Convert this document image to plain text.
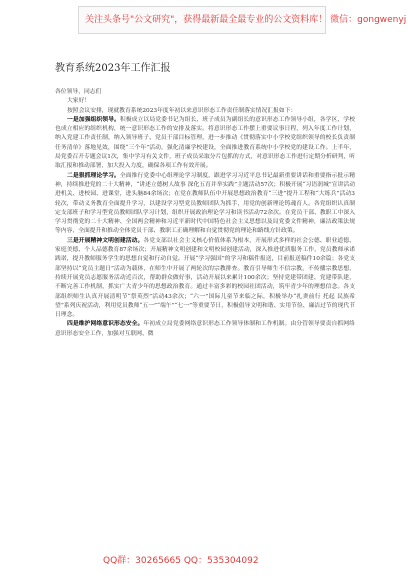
关注头条号"公文研究"，获得最新最全最专业的公文资料库！ 微信：gongwenyj
教育系统2023年工作汇报

各位领导，同志们

大家好！

按照会议安排，现就教育系统2023年度年初以来意识形态工作责任制落实情况汇报如下：

一是加强组织领导。积极成立以局党委书记为组长、班子成员为副组长的意识形态工作领导小组，各学区、学校也成立相应的组织机构，统一意识形态工作的安排及落实。将意识形态工作摆上重要议事日程，列入年度工作计划，纳入党建工作责任制，纳入领导班子、党员干部目标管理，进一步推动《贯彻落实中小学校党组织领导的校长负责制任务清单》落地见效，围绕“三个年”活动，强化清廉学校建设，全面推进教育系统中小学校党的建设工作。上半年，局党委召开专题会议1次，集中学习有关文件，班子成员采取分片包抓的方式，对意识形态工作进行定期分析研判，听取汇报和推动部署，加大投入力度，确保各项工作有效开展。

二是狠抓理论学习。全面推行党委中心组理论学习制度，跟进学习习近平总书记最新重要讲话和重要指示批示精神，持续推进党的二十大精神，“讲述立德树人故事 深化五育并举实践”主题活动57次；积极开展“习语润城”宣讲活动进机关、进校园、进课堂，进头脑84余场次；在党在教师队伍中开展思想政治教育“三进”提升工程和“大练兵”活动3轮次，带动义务教育全面提升学习，以建设学习型党员教师团队为抓手，用党的创新理论铸魂育人。各党组织认真制定支部班子和学习型党员教师团队学习计划，组织开展政治理论学习和读书活动72余次。在党员干部、教职工中深入学习贯彻党的二十大精神、全国两会精神和习近平新时代中国特色社会主义思想以及局党委文件精神，廉洁政策法规等内容，全面提升和推动全体党员干部、教职工正确理解和自觉贯彻党的理论和路线方针政策。

三是开展精神文明创建活动。各党支部以社会主义核心价值体系为根本，开展形式多样的社会公德、职业道德、家庭美德、个人品德教育87余场次；开展精神文明创建和文明校园创建活动，深入推进优质服务工作，党员教师承诺践诺，提升教师服务学生的思想自觉和行动自觉。开展“学习强国”的学习和稿件报送，目前报送稿件10余篇；各党支部坚持以“党员主题日”活动为载体，在师生中开展了两轮次的宗教排查。教育引导师生不信宗教，不传播宗教思想，持续开展党员志愿服务活动近百次，帮助群众做好事，活动开展以来累计100余次；坚持党建带团建、党建带队建，不断完善工作机制，抓实广大青少年的思想政治教育。通过丰富多彩的校园社团活动，筑牢青少年的理想信念。各支部组织师生认真开展清明节“祭英烈”活动43余次；“六一”国际儿童节来临之际，积极举办“扎赉前行 托起 民族希望”系列庆祝活动，利用党员教师“五一”“端午”“七一”等重要节日，积极倡导文明和谐、实用节俭、廉洁过节的现代节日理念。

四是维护网络意识形态安全。年初成立局党委网络意识形态工作领导体制和工作机制。由分管领导要责自抓网络意识形态安全工作，加强对互联网、微

QQ群：30265665 QQ：535304092
